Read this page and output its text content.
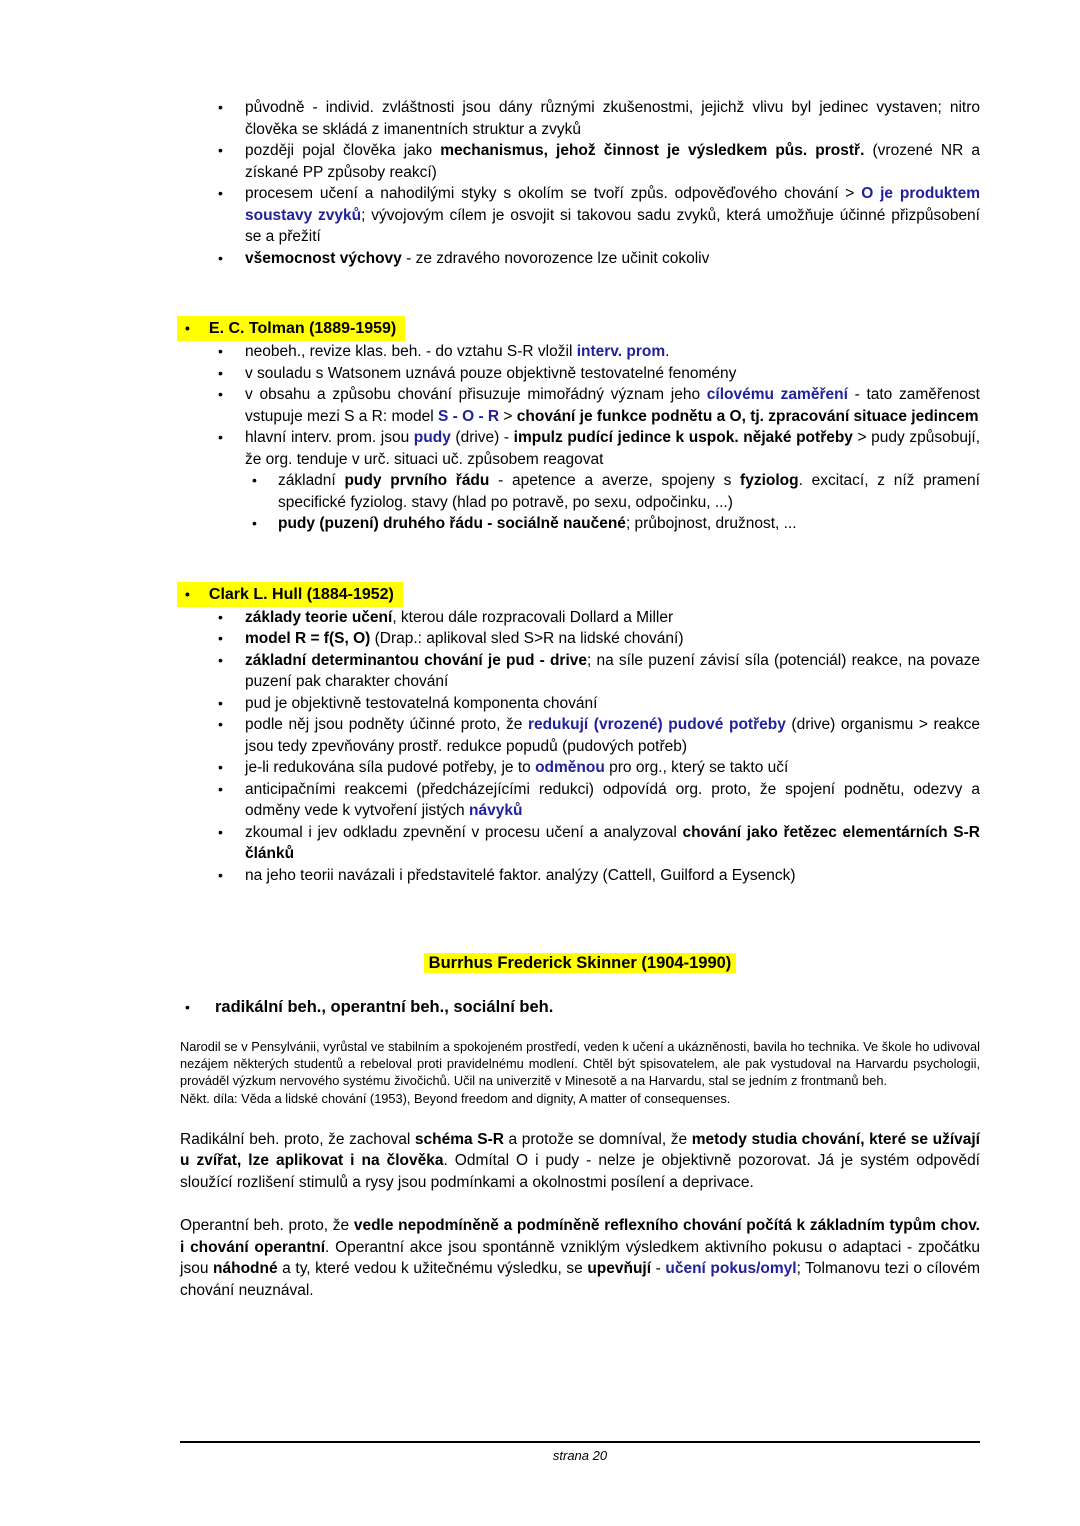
• původně - individ. zvláštnosti jsou dány různými zkušenostmi, jejichž vlivu byl jedinec vystaven; nitro člověka se skládá z imanentních struktur a zvyků
• později pojal člověka jako mechanismus, jehož činnost je výsledkem půs. prostř. (vrozené NR a získané PP způsoby reakcí)
• procesem učení a nahodilými styky s okolím se tvoří způs. odpověďového chování > O je produktem soustavy zvyků; vývojovým cílem je osvojit si takovou sadu zvyků, která umožňuje účinné přizpůsobení se a přežití
• všemocnost výchovy - ze zdravého novorozence lze učinit cokoliv
• E. C. Tolman (1889-1959)
• neobeh., revize klas. beh. - do vztahu S-R vložil interv. prom.
• v souladu s Watsonem uznává pouze objektivně testovatelné fenomény
• v obsahu a způsobu chování přisuzuje mimořádný význam jeho cílovému zaměření - tato zaměřenost vstupuje mezi S a R: model S - O - R > chování je funkce podnětu a O, tj. zpracování situace jedincem
• hlavní interv. prom. jsou pudy (drive) - impulz pudící jedince k uspok. nějaké potřeby > pudy způsobují, že org. tenduje v urč. situaci uč. způsobem reagovat
• základní pudy prvního řádu - apetence a averze, spojeny s fyziolog. excitací, z níž pramení specifické fyziolog. stavy (hlad po potravě, po sexu, odpočinku, ...)
• pudy (puzení) druhého řádu - sociálně naučené; průbojnost, družnost, ...
• Clark L. Hull (1884-1952)
• základy teorie učení, kterou dále rozpracovali Dollard a Miller
• model R = f(S, O) (Drap.: aplikoval sled S>R na lidské chování)
• základní determinantou chování je pud - drive; na síle puzení závisí síla (potenciál) reakce, na povaze puzení pak charakter chování
• pud je objektivně testovatelná komponenta chování
• podle něj jsou podněty účinné proto, že redukují (vrozené) pudové potřeby (drive) organismu > reakce jsou tedy zpevňovány prostř. redukce popudů (pudových potřeb)
• je-li redukována síla pudové potřeby, je to odměnou pro org., který se takto učí
• anticipačními reakcemi (předcházejícími redukci) odpovídá org. proto, že spojení podnětu, odezvy a odměny vede k vytvoření jistých návyků
• zkoumal i jev odkladu zpevnění v procesu učení a analyzoval chování jako řetězec elementárních S-R článků
• na jeho teorii navázali i představitelé faktor. analýzy (Cattell, Guilford a Eysenck)
Burrhus Frederick Skinner (1904-1990)
• radikální beh., operantní beh., sociální beh.

Narodil se v Pensylvánii, vyrůstal ve stabilním a spokojeném prostředí, veden k učení a ukázněnosti, bavila ho technika. Ve škole ho udivoval nezájem některých studentů a rebeloval proti pravidelnému modlení. Chtěl být spisovatelem, ale pak vystudoval na Harvardu psychologii, prováděl výzkum nervového systému živočichů. Učil na univerzitě v Minesotě a na Harvardu, stal se jedním z frontmanů beh.

Někt. díla: Věda a lidské chování (1953), Beyond freedom and dignity, A matter of consequenses.

Radikální beh. proto, že zachoval schéma S-R a protože se domníval, že metody studia chování, které se užívají u zvířat, lze aplikovat i na člověka. Odmítal O i pudy - nelze je objektivně pozorovat. Já je systém odpovědí sloužící rozlišení stimulů a rysy jsou podmínkami a okolnostmi posílení a deprivace.
Operantní beh. proto, že vedle nepodmíněně a podmíněně reflexního chování počítá k základním typům chov. i chování operantní. Operantní akce jsou spontánně vzniklým výsledkem aktivního pokusu o adaptaci - zpočátku jsou náhodné a ty, které vedou k užitečnému výsledku, se upevňují - učení pokus/omyl; Tolmanovu tezi o cílovém chování neuznával.
strana 20
